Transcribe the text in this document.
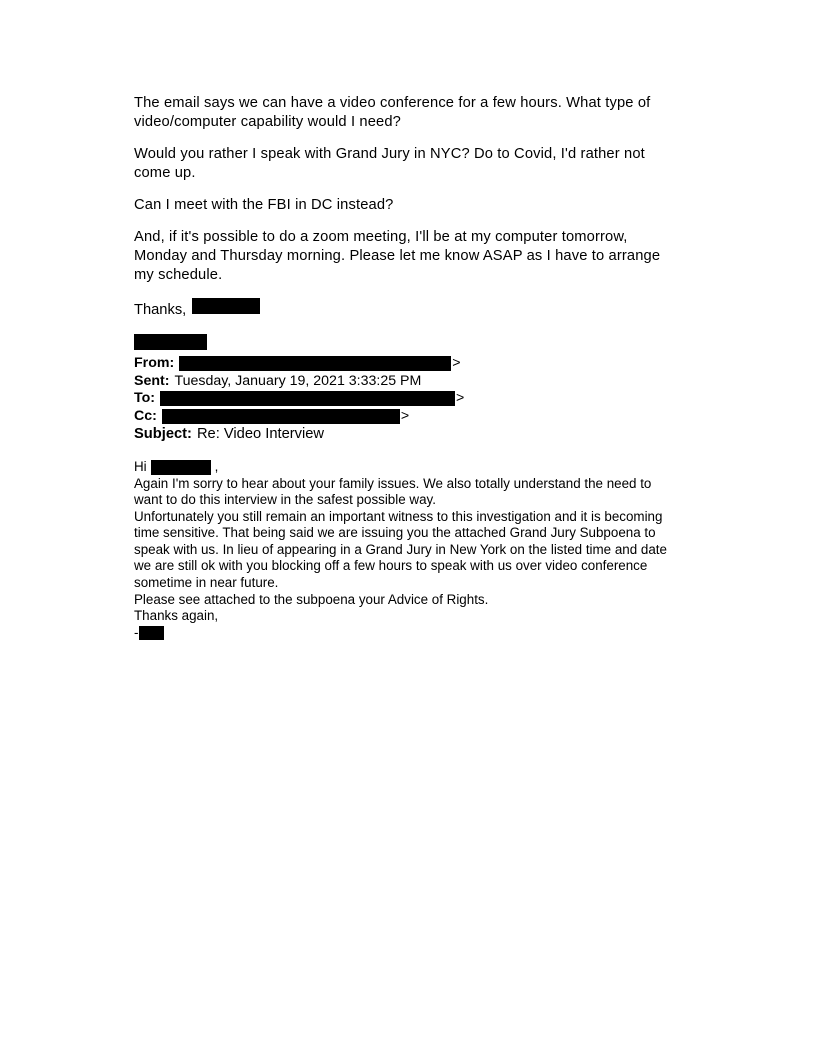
The email says we can have a video conference for a few hours. What type of video/computer capability would I need?

Would you rather I speak with Grand Jury in NYC? Do to Covid, I'd rather not come up.

Can I meet with the FBI in DC instead?

And, if it's possible to do a zoom meeting, I'll be at my computer tomorrow, Monday and Thursday morning. Please let me know ASAP as I have to arrange my schedule.

Thanks,
From:	>
Sent: Tuesday, January 19, 2021 3:33:25 PM
To:	>
Cc:	>
Subject: Re: Video Interview
Hi	,

Again I'm sorry to hear about your family issues. We also totally understand the need to want to do this interview in the safest possible way.

Unfortunately you still remain an important witness to this investigation and it is becoming time sensitive. That being said we are issuing you the attached Grand Jury Subpoena to speak with us. In lieu of appearing in a Grand Jury in New York on the listed time and date we are still ok with you blocking off a few hours to speak with us over video conference sometime in near future.

Please see attached to the subpoena your Advice of Rights.

Thanks again,

-
